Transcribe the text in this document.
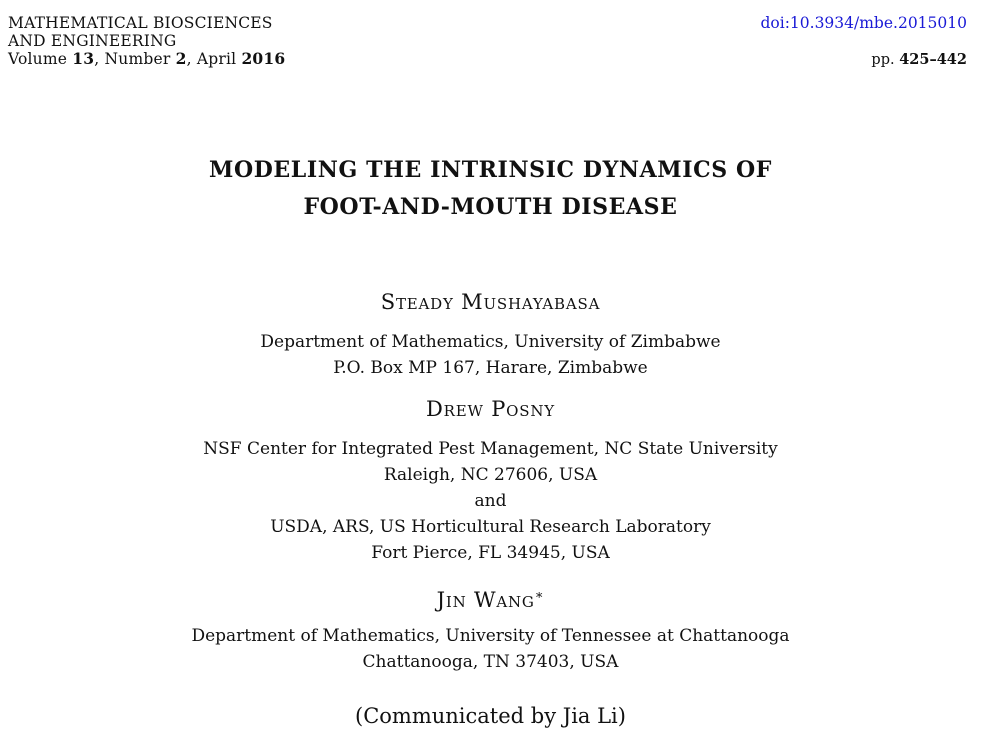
MATHEMATICAL BIOSCIENCES
AND ENGINEERING
Volume 13, Number 2, April 2016
doi:10.3934/mbe.2015010
pp. 425–442
MODELING THE INTRINSIC DYNAMICS OF
FOOT-AND-MOUTH DISEASE
Steady Mushayabasa
Department of Mathematics, University of Zimbabwe
P.O. Box MP 167, Harare, Zimbabwe
Drew Posny
NSF Center for Integrated Pest Management, NC State University
Raleigh, NC 27606, USA
and
USDA, ARS, US Horticultural Research Laboratory
Fort Pierce, FL 34945, USA
Jin Wang∗
Department of Mathematics, University of Tennessee at Chattanooga
Chattanooga, TN 37403, USA
(Communicated by Jia Li)
